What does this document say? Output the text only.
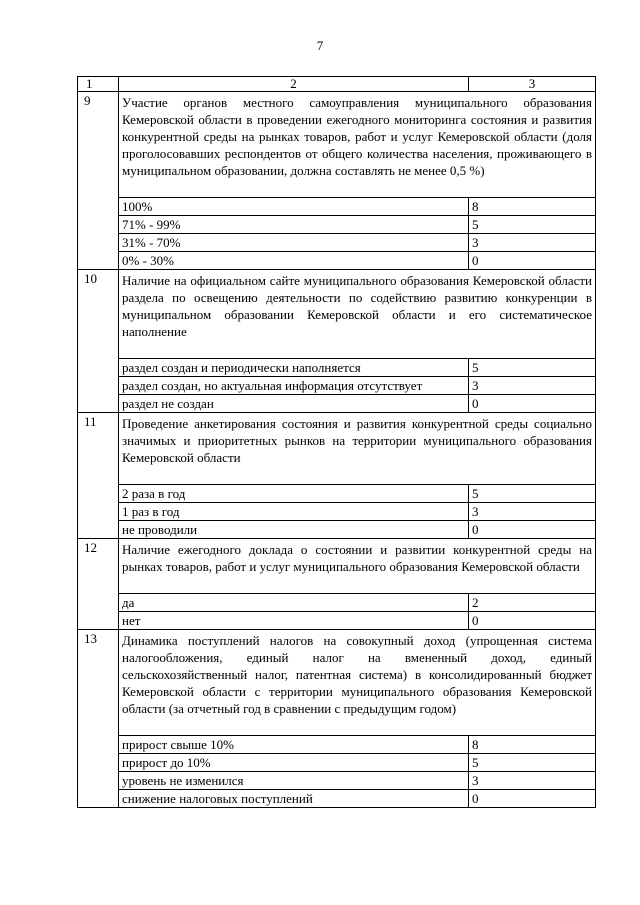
7
1	2	3
9	Участие органов местного самоуправления муниципального образования Кемеровской области в проведении ежегодного мониторинга состояния и развития конкурентной среды на рынках товаров, работ и услуг Кемеровской области (доля проголосовавших респондентов от общего количества населения, проживающего в муниципальном образовании, должна составлять не менее 0,5 %)	
	100%	8
	71% - 99%	5
	31% - 70%	3
	0% - 30%	0
10	Наличие на официальном сайте муниципального образования Кемеровской области раздела по освещению деятельности по содействию развитию конкуренции в муниципальном образовании Кемеровской области и его систематическое наполнение	
	раздел создан и периодически наполняется	5
	раздел создан, но актуальная информация отсутствует	3
	раздел не создан	0
11	Проведение анкетирования состояния и развития конкурентной среды социально значимых и приоритетных рынков на территории муниципального образования Кемеровской области	
	2 раза в год	5
	1 раз в год	3
	не проводили	0
12	Наличие ежегодного доклада о состоянии и развитии конкурентной среды на рынках товаров, работ и услуг муниципального образования Кемеровской области	
	да	2
	нет	0
13	Динамика поступлений налогов на совокупный доход (упрощенная система налогообложения, единый налог на вмененный доход, единый сельскохозяйственный налог, патентная система) в консолидированный бюджет Кемеровской области с территории муниципального образования Кемеровской области (за отчетный год в сравнении с предыдущим годом)	
	прирост свыше 10%	8
	прирост до 10%	5
	уровень не изменился	3
	снижение налоговых поступлений	0
